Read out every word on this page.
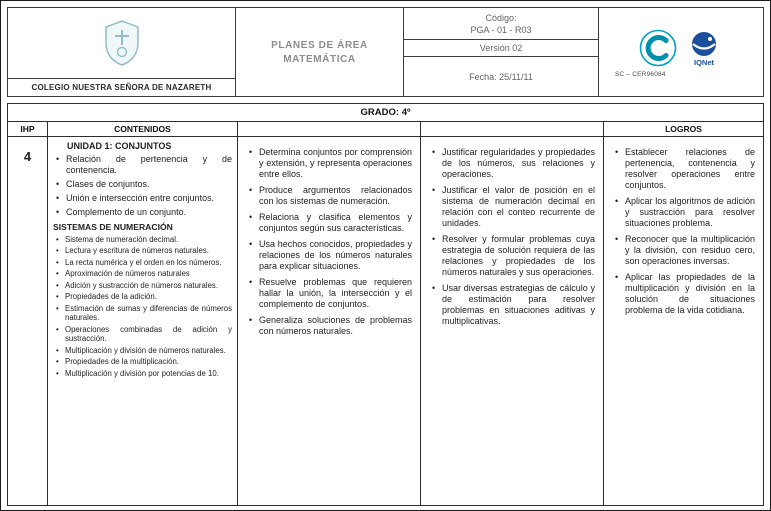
COLEGIO NUESTRA SEÑORA DE NAZARETH
PLANES DE ÁREA
MATEMÁTICA
Código:
PGA - 01 - R03
Versión 02
Fecha: 25/11/11
IQNet
SC – CER96084
GRADO: 4º
IHP	CONTENIDOS	LOGROS
4
UNIDAD 1: CONJUNTOS
• Relación de pertenencia y de contenencia.
• Clases de conjuntos.
• Unión e intersección entre conjuntos.
• Complemento de un conjunto.
SISTEMAS DE NUMERACIÓN
• Sistema de numeración decimal.
• Lectura y escritura de números naturales.
• La recta numérica y el orden en los números.
• Aproximación de números naturales
• Adición y sustracción de números naturales.
• Propiedades de la adición.
• Estimación de sumas y diferencias de números naturales.
• Operaciones combinadas de adición y sustracción.
• Multiplicación y división de números naturales.
• Propiedades de la multiplicación.
• Multiplicación y división por potencias de 10.
• Determina conjuntos por comprensión y extensión, y representa operaciones entre ellos.
• Produce argumentos relacionados con los sistemas de numeración.
• Relaciona y clasifica elementos y conjuntos según sus características.
• Usa hechos conocidos, propiedades y relaciones de los números naturales para explicar situaciones.
• Resuelve problemas que requieren hallar la unión, la intersección y el complemento de conjuntos.
• Generaliza soluciones de problemas con números naturales.
• Justificar regularidades y propiedades de los números, sus relaciones y operaciones.
• Justificar el valor de posición en el sistema de numeración decimal en relación con el conteo recurrente de unidades.
• Resolver y formular problemas cuya estrategia de solución requiera de las relaciones y propiedades de los números naturales y sus operaciones.
• Usar diversas estrategias de cálculo y de estimación para resolver problemas en situaciones aditivas y multiplicativas.
• Establecer relaciones de pertenencia, contenencia y resolver operaciones entre conjuntos.
• Aplicar los algoritmos de adición y sustracción para resolver situaciones problema.
• Reconocer que la multiplicación y la división, con residuo cero, son operaciones inversas.
• Aplicar las propiedades de la multiplicación y división en la solución de situaciones problema de la vida cotidiana.
